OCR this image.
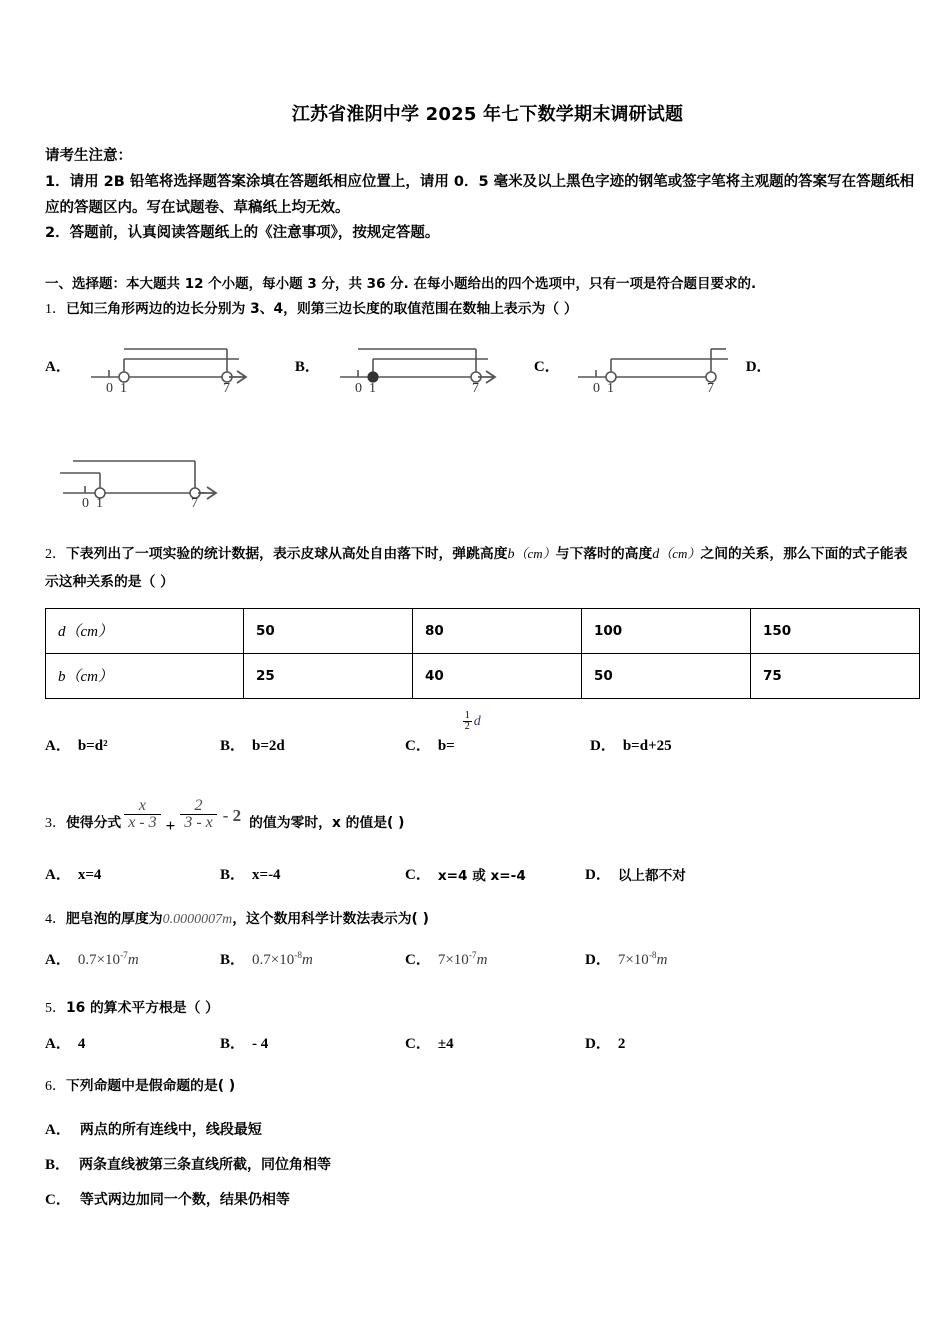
江苏省淮阴中学 2025 年七下数学期末调研试题
请考生注意：
1．请用 2B 铅笔将选择题答案涂填在答题纸相应位置上，请用 0．5 毫米及以上黑色字迹的钢笔或签字笔将主观题的答案写在答题纸相应的答题区内。写在试题卷、草稿纸上均无效。
2．答题前，认真阅读答题纸上的《注意事项》，按规定答题。
一、选择题：本大题共 12 个小题，每小题 3 分，共 36 分. 在每小题给出的四个选项中，只有一项是符合题目要求的.
1．已知三角形两边的边长分别为 3、4，则第三边长度的取值范围在数轴上表示为（ ）
A．
0 1	7
B．
0 1	7
C．
0 1	7
D．
0 1	7
2．下表列出了一项实验的统计数据，表示皮球从高处自由落下时，弹跳高度b（cm）与下落时的高度d（cm）之间的关系，那么下面的式子能表示这种关系的是（ ）
d（cm）	50	80	100	150
b（cm）	25	40	50	75
A． b=d²	B． b=2d	C． b=
$\frac{1}{2}$ d
D． b=d+25
3． 使得分式 $\frac{x}{x - 3} + \frac{2}{3 - x} - 2$ 的值为零时，x 的值是( )
A． x=4	B． x=-4	C． x=4 或 x=-4	D． 以上都不对
4．肥皂泡的厚度为0.0000007m，这个数用科学计数法表示为( )
A． $0.7\times 10^{-7}m$	B． $0.7\times 10^{-8}m$	C． $7\times 10^{-7}m$	D． $7\times 10^{-8}m$
5．16 的算术平方根是（ ）
A． 4	B． - 4	C． ±4	D． 2
6．下列命题中是假命题的是( )
A． 两点的所有连线中，线段最短
B． 两条直线被第三条直线所截，同位角相等
C． 等式两边加同一个数，结果仍相等
